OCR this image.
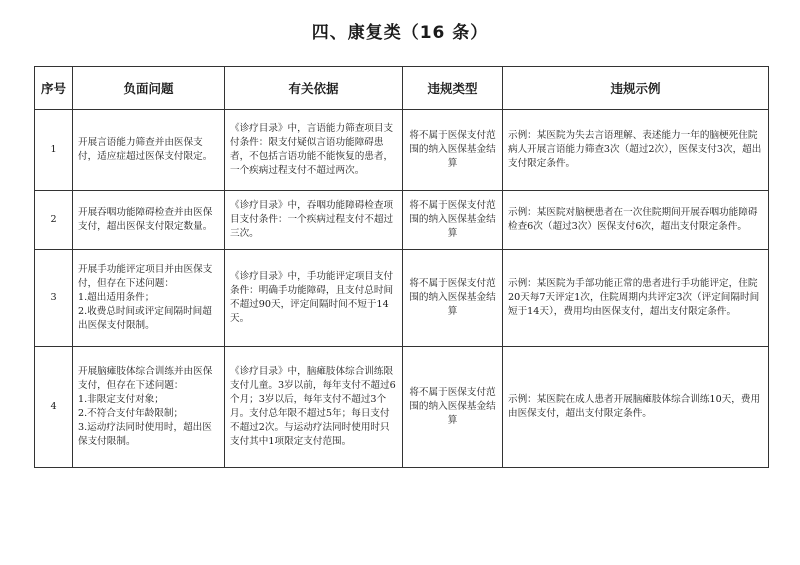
四、康复类（16 条）
序号	负面问题	有关依据	违规类型	违规示例
1	开展言语能力筛查并由医保支付，适应症超过医保支付限定。	《诊疗目录》中，言语能力筛查项目支付条件：限支付疑似言语功能障碍患者，不包括言语功能不能恢复的患者，一个疾病过程支付不超过两次。	将不属于医保支付范围的纳入医保基金结算	示例：某医院为失去言语理解、表述能力一年的脑梗死住院病人开展言语能力筛查3次（超过2次），医保支付3次，超出支付限定条件。
2	开展吞咽功能障碍检查并由医保支付，超出医保支付限定数量。	《诊疗目录》中，吞咽功能障碍检查项目支付条件：一个疾病过程支付不超过三次。	将不属于医保支付范围的纳入医保基金结算	示例：某医院对脑梗患者在一次住院期间开展吞咽功能障碍检查6次（超过3次）医保支付6次，超出支付限定条件。
3	开展手功能评定项目并由医保支付，但存在下述问题：
1.超出适用条件；
2.收费总时间或评定间隔时间超出医保支付限制。	《诊疗目录》中，手功能评定项目支付条件：明确手功能障碍，且支付总时间不超过90天，评定间隔时间不短于14天。	将不属于医保支付范围的纳入医保基金结算	示例：某医院为手部功能正常的患者进行手功能评定，住院20天每7天评定1次，住院周期内共评定3次（评定间隔时间短于14天），费用均由医保支付，超出支付限定条件。
4	开展脑瘫肢体综合训练并由医保支付，但存在下述问题：
1.非限定支付对象；
2.不符合支付年龄限制；
3.运动疗法同时使用时，超出医保支付限制。	《诊疗目录》中，脑瘫肢体综合训练限支付儿童。3岁以前，每年支付不超过6个月；3岁以后，每年支付不超过3个月。支付总年限不超过5年；每日支付不超过2次。与运动疗法同时使用时只支付其中1项限定支付范围。	将不属于医保支付范围的纳入医保基金结算	示例：某医院在成人患者开展脑瘫肢体综合训练10天，费用由医保支付，超出支付限定条件。
